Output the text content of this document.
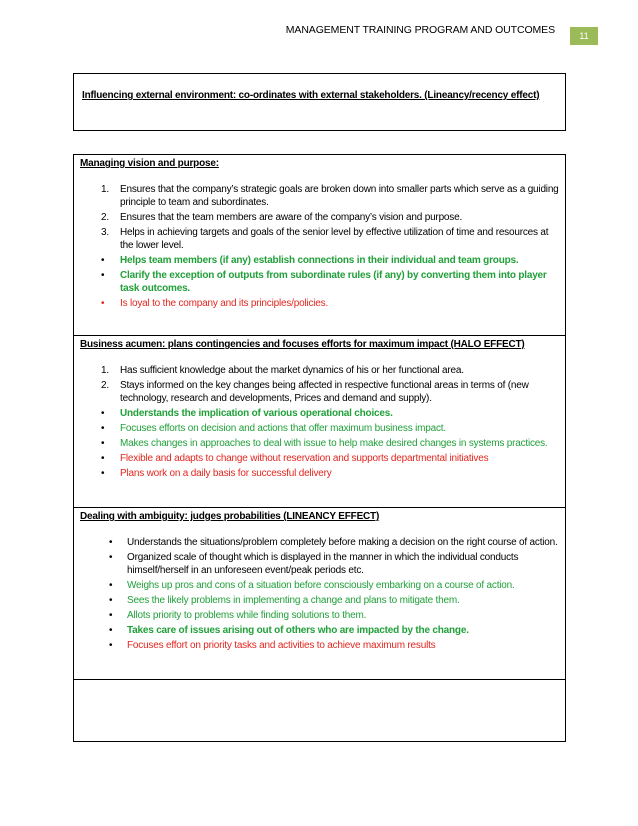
MANAGEMENT TRAINING PROGRAM AND OUTCOMES	11

Influencing external environment: co-ordinates with external stakeholders. (Lineancy/recency effect)

Managing vision and purpose:

1. Ensures that the company’s strategic goals are broken down into smaller parts which serve as a guiding principle to team and subordinates.
2. Ensures that the team members are aware of the company’s vision and purpose.
3. Helps in achieving targets and goals of the senior level by effective utilization of time and resources at the lower level.
• Helps team members (if any) establish connections in their individual and team groups.
• Clarify the exception of outputs from subordinate rules (if any) by converting them into player task outcomes.
• Is loyal to the company and its principles/policies.

Business acumen: plans contingencies and focuses efforts for maximum impact (HALO EFFECT)

1. Has sufficient knowledge about the market dynamics of his or her functional area.
2. Stays informed on the key changes being affected in respective functional areas in terms of (new technology, research and developments, Prices and demand and supply).
• Understands the implication of various operational choices.
• Focuses efforts on decision and actions that offer maximum business impact.
• Makes changes in approaches to deal with issue to help make desired changes in systems practices.
• Flexible and adapts to change without reservation and supports departmental initiatives
• Plans work on a daily basis for successful delivery

Dealing with ambiguity: judges probabilities (LINEANCY EFFECT)

• Understands the situations/problem completely before making a decision on the right course of action.
• Organized scale of thought which is displayed in the manner in which the individual conducts himself/herself in an unforeseen event/peak periods etc.
• Weighs up pros and cons of a situation before consciously embarking on a course of action.
• Sees the likely problems in implementing a change and plans to mitigate them.
• Allots priority to problems while finding solutions to them.
• Takes care of issues arising out of others who are impacted by the change.
• Focuses effort on priority tasks and activities to achieve maximum results
